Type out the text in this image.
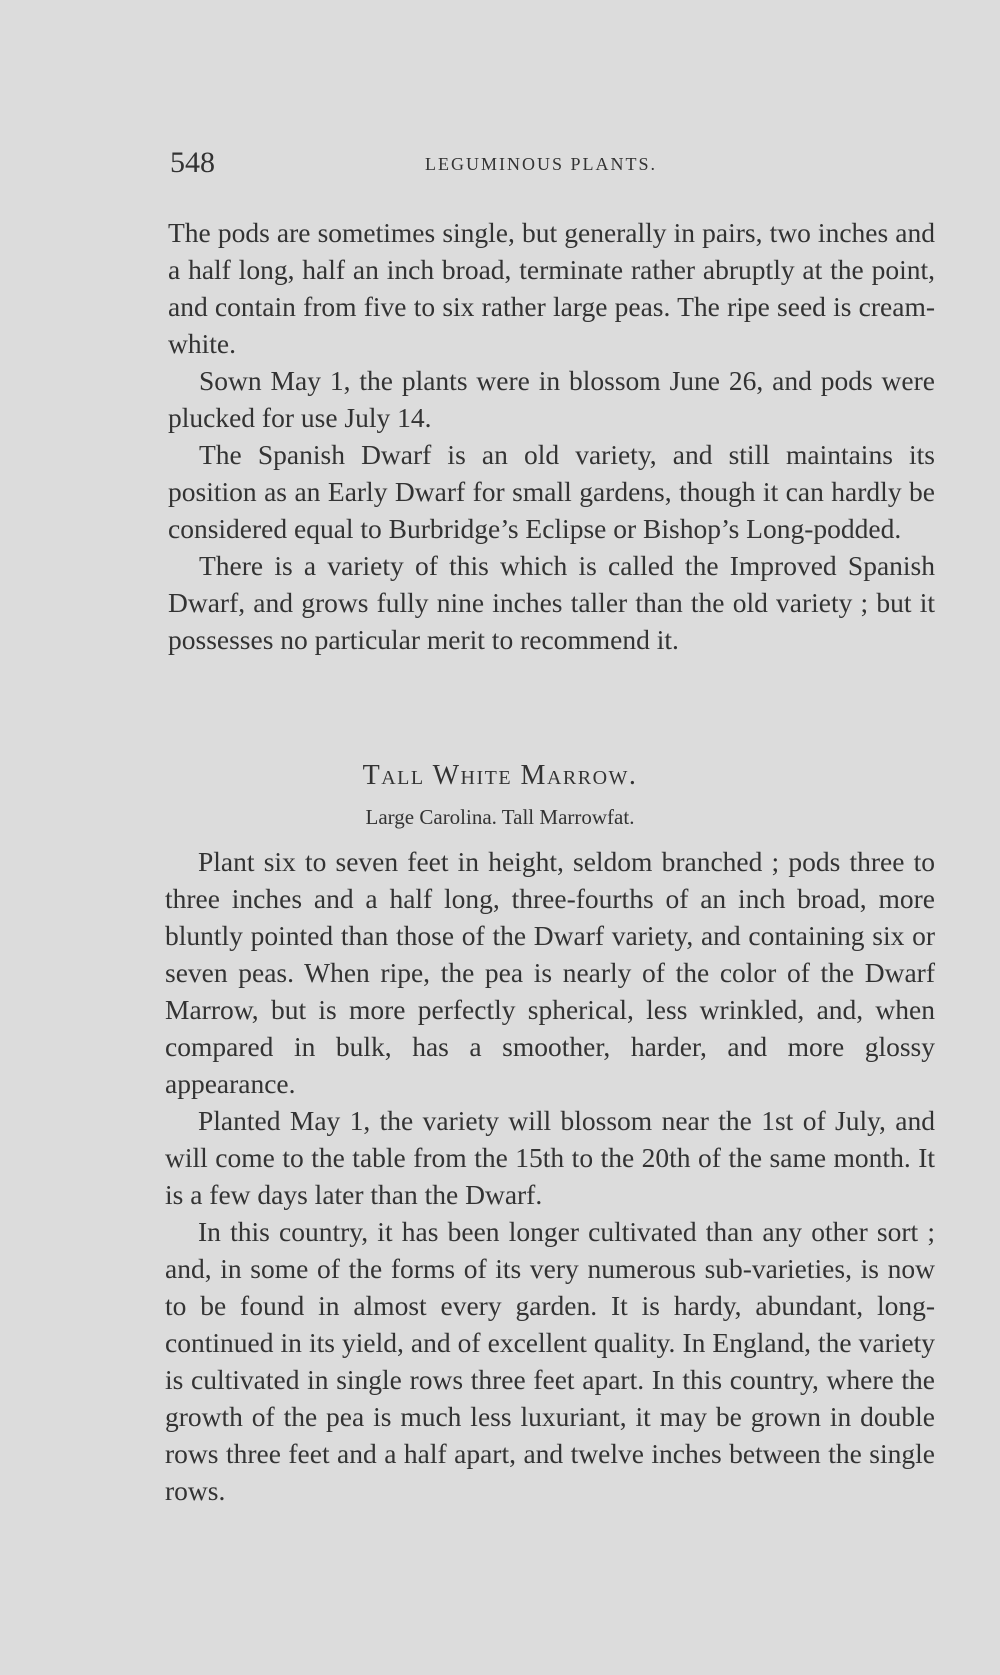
548	LEGUMINOUS PLANTS.

The pods are sometimes single, but generally in pairs, two inches and a half long, half an inch broad, terminate rather abruptly at the point, and contain from five to six rather large peas. The ripe seed is cream-white.

Sown May 1, the plants were in blossom June 26, and pods were plucked for use July 14.

The Spanish Dwarf is an old variety, and still maintains its position as an Early Dwarf for small gardens, though it can hardly be considered equal to Burbridge’s Eclipse or Bishop’s Long-podded.

There is a variety of this which is called the Improved Spanish Dwarf, and grows fully nine inches taller than the old variety ; but it possesses no particular merit to recommend it.

Tall White Marrow.
Large Carolina. Tall Marrowfat.

Plant six to seven feet in height, seldom branched ; pods three to three inches and a half long, three-fourths of an inch broad, more bluntly pointed than those of the Dwarf variety, and containing six or seven peas. When ripe, the pea is nearly of the color of the Dwarf Marrow, but is more perfectly spherical, less wrinkled, and, when compared in bulk, has a smoother, harder, and more glossy appearance.

Planted May 1, the variety will blossom near the 1st of July, and will come to the table from the 15th to the 20th of the same month. It is a few days later than the Dwarf.

In this country, it has been longer cultivated than any other sort ; and, in some of the forms of its very numerous sub-varieties, is now to be found in almost every garden. It is hardy, abundant, long-continued in its yield, and of excellent quality. In England, the variety is cultivated in single rows three feet apart. In this country, where the growth of the pea is much less luxuriant, it may be grown in double rows three feet and a half apart, and twelve inches between the single rows.
